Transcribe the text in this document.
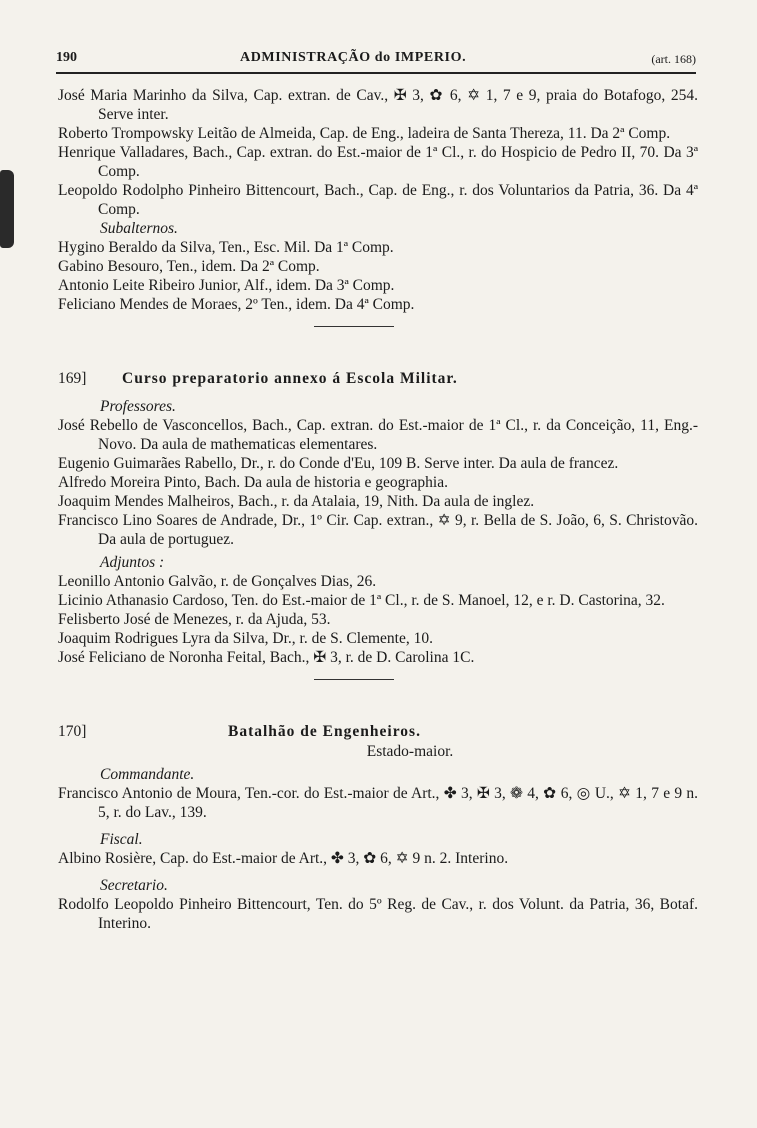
190	ADMINISTRAÇÃO do IMPERIO.	(art. 168)

José Maria Marinho da Silva, Cap. extran. de Cav., ✠ 3, ✿ 6, ✡ 1, 7 e 9, praia do Botafogo, 254. Serve inter.

Roberto Trompowsky Leitão de Almeida, Cap. de Eng., ladeira de Santa Thereza, 11. Da 2ª Comp.

Henrique Valladares, Bach., Cap. extran. do Est.-maior de 1ª Cl., r. do Hospicio de Pedro II, 70. Da 3ª Comp.

Leopoldo Rodolpho Pinheiro Bittencourt, Bach., Cap. de Eng., r. dos Voluntarios da Patria, 36. Da 4ª Comp.

Subalternos.

Hygino Beraldo da Silva, Ten., Esc. Mil. Da 1ª Comp.

Gabino Besouro, Ten., idem. Da 2ª Comp.

Antonio Leite Ribeiro Junior, Alf., idem. Da 3ª Comp.

Feliciano Mendes de Moraes, 2º Ten., idem. Da 4ª Comp.

169] Curso preparatorio annexo á Escola Militar.

Professores.

José Rebello de Vasconcellos, Bach., Cap. extran. do Est.-maior de 1ª Cl., r. da Conceição, 11, Eng.-Novo. Da aula de mathematicas elementares.

Eugenio Guimarães Rabello, Dr., r. do Conde d'Eu, 109 B. Serve inter. Da aula de francez.

Alfredo Moreira Pinto, Bach. Da aula de historia e geographia.

Joaquim Mendes Malheiros, Bach., r. da Atalaia, 19, Nith. Da aula de inglez.

Francisco Lino Soares de Andrade, Dr., 1º Cir. Cap. extran., ✡ 9, r. Bella de S. João, 6, S. Christovão. Da aula de portuguez.

Adjuntos :

Leonillo Antonio Galvão, r. de Gonçalves Dias, 26.

Licinio Athanasio Cardoso, Ten. do Est.-maior de 1ª Cl., r. de S. Manoel, 12, e r. D. Castorina, 32.

Felisberto José de Menezes, r. da Ajuda, 53.

Joaquim Rodrigues Lyra da Silva, Dr., r. de S. Clemente, 10.

José Feliciano de Noronha Feital, Bach., ✠ 3, r. de D. Carolina 1C.

170]	Batalhão de Engenheiros.

Estado-maior.

Commandante.

Francisco Antonio de Moura, Ten.-cor. do Est.-maior de Art., ✤ 3, ✠ 3, ❁ 4, ✿ 6, ◎ U., ✡ 1, 7 e 9 n. 5, r. do Lav., 139.

Fiscal.

Albino Rosière, Cap. do Est.-maior de Art., ✤ 3, ✿ 6, ✡ 9 n. 2. Interino.

Secretario.

Rodolfo Leopoldo Pinheiro Bittencourt, Ten. do 5º Reg. de Cav., r. dos Volunt. da Patria, 36, Botaf. Interino.
